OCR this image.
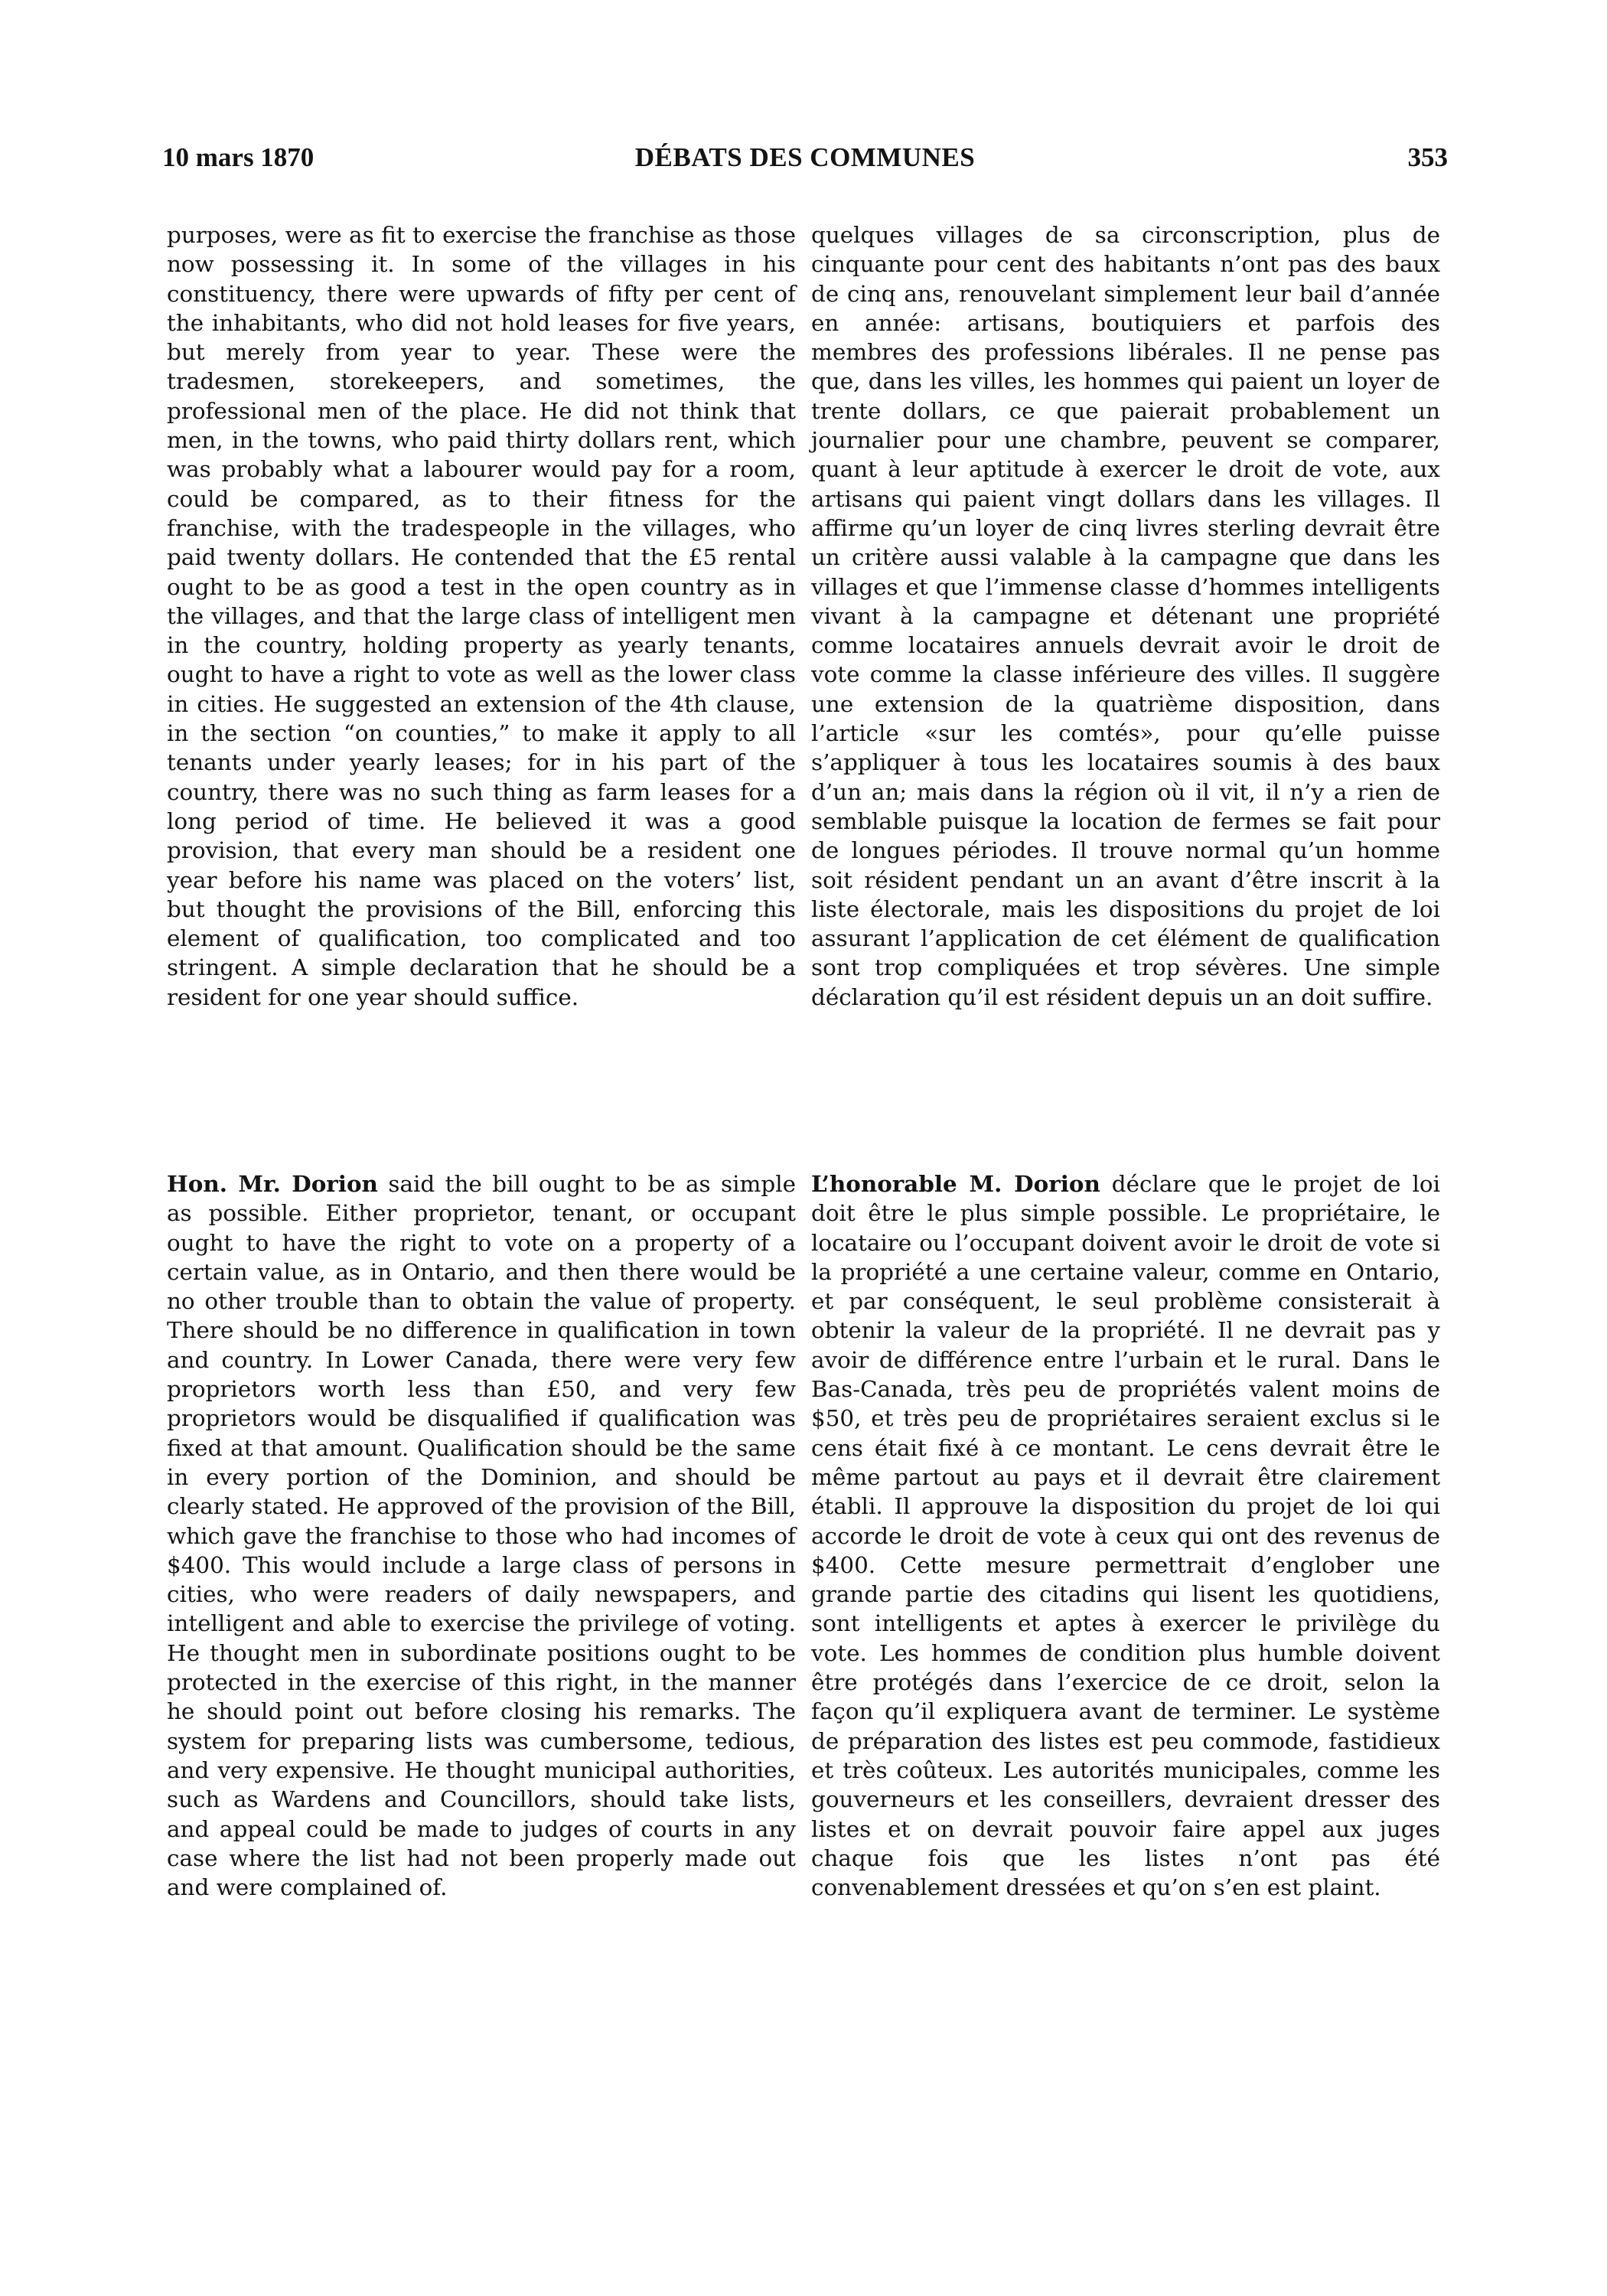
10 mars 1870	DÉBATS DES COMMUNES	353

purposes, were as fit to exercise the franchise as those now possessing it. In some of the villages in his constituency, there were upwards of fifty per cent of the inhabitants, who did not hold leases for five years, but merely from year to year. These were the tradesmen, storekeepers, and sometimes, the professional men of the place. He did not think that men, in the towns, who paid thirty dollars rent, which was probably what a labourer would pay for a room, could be compared, as to their fitness for the franchise, with the tradespeople in the villages, who paid twenty dollars. He contended that the £5 rental ought to be as good a test in the open country as in the villages, and that the large class of intelligent men in the country, holding property as yearly tenants, ought to have a right to vote as well as the lower class in cities. He suggested an extension of the 4th clause, in the section “on counties,” to make it apply to all tenants under yearly leases; for in his part of the country, there was no such thing as farm leases for a long period of time. He believed it was a good provision, that every man should be a resident one year before his name was placed on the voters’ list, but thought the provisions of the Bill, enforcing this element of qualification, too complicated and too stringent. A simple declaration that he should be a resident for one year should suffice.

quelques villages de sa circonscription, plus de cinquante pour cent des habitants n’ont pas des baux de cinq ans, renouvelant simplement leur bail d’année en année: artisans, boutiquiers et parfois des membres des professions libérales. Il ne pense pas que, dans les villes, les hommes qui paient un loyer de trente dollars, ce que paierait probablement un journalier pour une chambre, peuvent se comparer, quant à leur aptitude à exercer le droit de vote, aux artisans qui paient vingt dollars dans les villages. Il affirme qu’un loyer de cinq livres sterling devrait être un critère aussi valable à la campagne que dans les villages et que l’immense classe d’hommes intelligents vivant à la campagne et détenant une propriété comme locataires annuels devrait avoir le droit de vote comme la classe inférieure des villes. Il suggère une extension de la quatrième disposition, dans l’article «sur les comtés», pour qu’elle puisse s’appliquer à tous les locataires soumis à des baux d’un an; mais dans la région où il vit, il n’y a rien de semblable puisque la location de fermes se fait pour de longues périodes. Il trouve normal qu’un homme soit résident pendant un an avant d’être inscrit à la liste électorale, mais les dispositions du projet de loi assurant l’application de cet élément de qualification sont trop compliquées et trop sévères. Une simple déclaration qu’il est résident depuis un an doit suffire.

Hon. Mr. Dorion said the bill ought to be as simple as possible. Either proprietor, tenant, or occupant ought to have the right to vote on a property of a certain value, as in Ontario, and then there would be no other trouble than to obtain the value of property. There should be no difference in qualification in town and country. In Lower Canada, there were very few proprietors worth less than £50, and very few proprietors would be disqualified if qualification was fixed at that amount. Qualification should be the same in every portion of the Dominion, and should be clearly stated. He approved of the provision of the Bill, which gave the franchise to those who had incomes of $400. This would include a large class of persons in cities, who were readers of daily newspapers, and intelligent and able to exercise the privilege of voting. He thought men in subordinate positions ought to be protected in the exercise of this right, in the manner he should point out before closing his remarks. The system for preparing lists was cumbersome, tedious, and very expensive. He thought municipal authorities, such as Wardens and Councillors, should take lists, and appeal could be made to judges of courts in any case where the list had not been properly made out and were complained of.

L’honorable M. Dorion déclare que le projet de loi doit être le plus simple possible. Le propriétaire, le locataire ou l’occupant doivent avoir le droit de vote si la propriété a une certaine valeur, comme en Ontario, et par conséquent, le seul problème consisterait à obtenir la valeur de la propriété. Il ne devrait pas y avoir de différence entre l’urbain et le rural. Dans le Bas-Canada, très peu de propriétés valent moins de $50, et très peu de propriétaires seraient exclus si le cens était fixé à ce montant. Le cens devrait être le même partout au pays et il devrait être clairement établi. Il approuve la disposition du projet de loi qui accorde le droit de vote à ceux qui ont des revenus de $400. Cette mesure permettrait d’englober une grande partie des citadins qui lisent les quotidiens, sont intelligents et aptes à exercer le privilège du vote. Les hommes de condition plus humble doivent être protégés dans l’exercice de ce droit, selon la façon qu’il expliquera avant de terminer. Le système de préparation des listes est peu commode, fastidieux et très coûteux. Les autorités municipales, comme les gouverneurs et les conseillers, devraient dresser des listes et on devrait pouvoir faire appel aux juges chaque fois que les listes n’ont pas été convenablement dressées et qu’on s’en est plaint.
